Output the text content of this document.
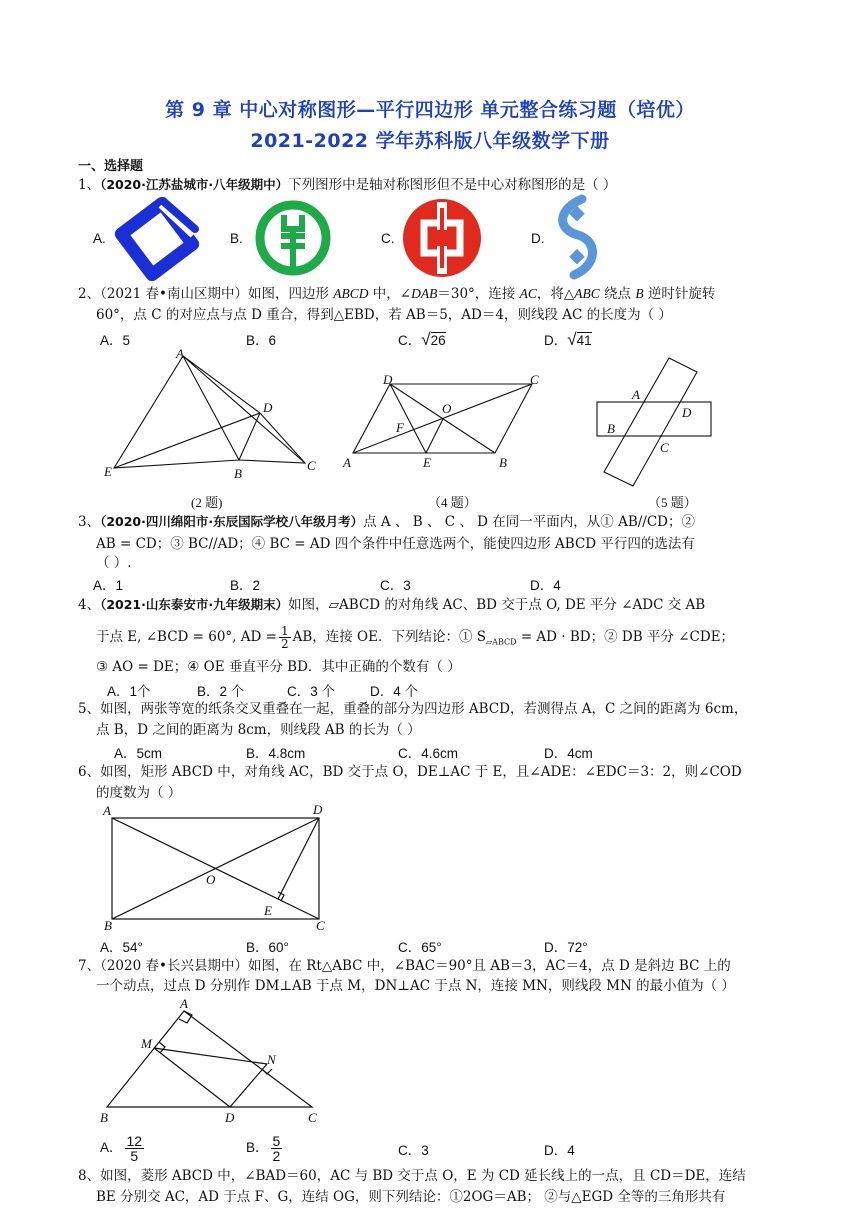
第 9 章 中心对称图形—平行四边形 单元整合练习题（培优）
2021-2022 学年苏科版八年级数学下册
一、选择题
1、（2020·江苏盐城市·八年级期中）下列图形中是轴对称图形但不是中心对称图形的是（ ）
A.	B.	C.	D.
2、（2021 春•南山区期中）如图，四边形 ABCD 中，∠DAB＝30°，连接 AC，将△ABC 绕点 B 逆时针旋转
60°，点 C 的对应点与点 D 重合，得到△EBD，若 AB＝5，AD＝4，则线段 AC 的长度为（ ）
A．5	B．6	C．√26	D．√41
A
D
E	B
C
D	C
O
F
A	E	B
A
D
B
C
(2 题)	（4 题）	（5 题）
3、（2020·四川绵阳市·东辰国际学校八年级月考）点 A 、 B 、 C 、 D 在同一平面内，从① AB//CD；②
AB = CD；③ BC//AD；④ BC = AD 四个条件中任意选两个，能使四边形 ABCD 平行四的选法有
（ ）.
A．1	B．2	C．3	D．4
4、（2021·山东泰安市·九年级期末）如图，▱ABCD 的对角线 AC、BD 交于点 O, DE 平分 ∠ADC 交 AB
于点 E, ∠BCD = 60°, AD = $\frac{1}{2}$ AB，连接 OE．下列结论：① $S_{▱ABCD}$ = AD · BD；② DB 平分 ∠CDE；
③ AO = DE；④ OE 垂直平分 BD．其中正确的个数有（ ）
A．1个	B．2 个	C．3 个	D．4 个
5、如图，两张等宽的纸条交叉重叠在一起，重叠的部分为四边形 ABCD，若测得点 A，C 之间的距离为 6cm，
点 B，D 之间的距离为 8cm，则线段 AB 的长为（ ）
A．5cm	B．4.8cm	C．4.6cm	D．4cm
6、如图，矩形 ABCD 中，对角线 AC，BD 交于点 O，DE⊥AC 于 E，且∠ADE：∠EDC＝3：2，则∠COD
的度数为（ ）
A	D
O
E
B	C
A．54°	B．60°	C．65°	D．72°
7、（2020 春•长兴县期中）如图，在 Rt△ABC 中，∠BAC＝90°且 AB＝3，AC＝4，点 D 是斜边 BC 上的
一个动点，过点 D 分别作 DM⊥AB 于点 M，DN⊥AC 于点 N，连接 MN，则线段 MN 的最小值为（ ）
A
M
N
B	D	C
A． $\frac{12}{5}$	B． $\frac{5}{2}$	C．3	D．4
8、如图，菱形 ABCD 中，∠BAD＝60，AC 与 BD 交于点 O，E 为 CD 延长线上的一点，且 CD＝DE，连结
BE 分别交 AC，AD 于点 F、G，连结 OG，则下列结论：①2OG＝AB； ②与△EGD 全等的三角形共有
